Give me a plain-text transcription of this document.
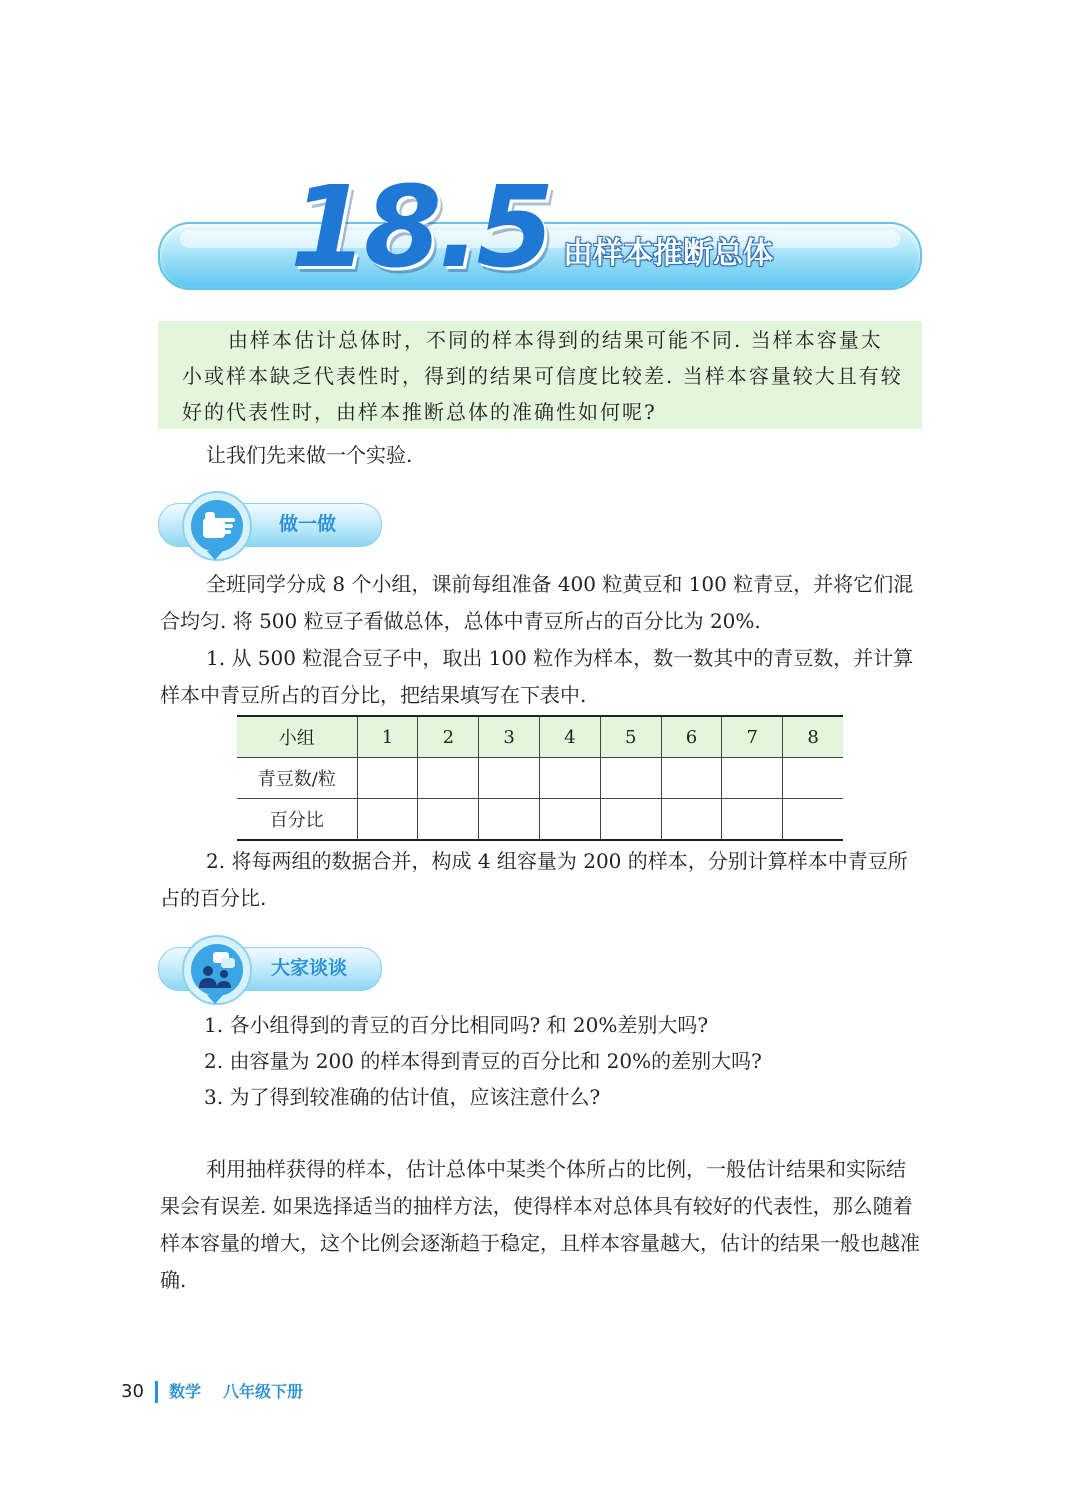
18.5 由样本推断总体
由样本估计总体时，不同的样本得到的结果可能不同. 当样本容量太小或样本缺乏代表性时，得到的结果可信度比较差. 当样本容量较大且有较好的代表性时，由样本推断总体的准确性如何呢?
让我们先来做一个实验.
做一做
全班同学分成 8 个小组，课前每组准备 400 粒黄豆和 100 粒青豆，并将它们混合均匀. 将 500 粒豆子看做总体，总体中青豆所占的百分比为 20%.
1. 从 500 粒混合豆子中，取出 100 粒作为样本，数一数其中的青豆数，并计算样本中青豆所占的百分比，把结果填写在下表中.
小组	1	2	3	4	5	6	7	8
青豆数/粒								
百分比								
2. 将每两组的数据合并，构成 4 组容量为 200 的样本，分别计算样本中青豆所占的百分比.
大家谈谈
1. 各小组得到的青豆的百分比相同吗? 和 20%差别大吗?
2. 由容量为 200 的样本得到青豆的百分比和 20%的差别大吗?
3. 为了得到较准确的估计值，应该注意什么?
利用抽样获得的样本，估计总体中某类个体所占的比例，一般估计结果和实际结果会有误差. 如果选择适当的抽样方法，使得样本对总体具有较好的代表性，那么随着样本容量的增大，这个比例会逐渐趋于稳定，且样本容量越大，估计的结果一般也越准确.
30 数学 八年级下册
